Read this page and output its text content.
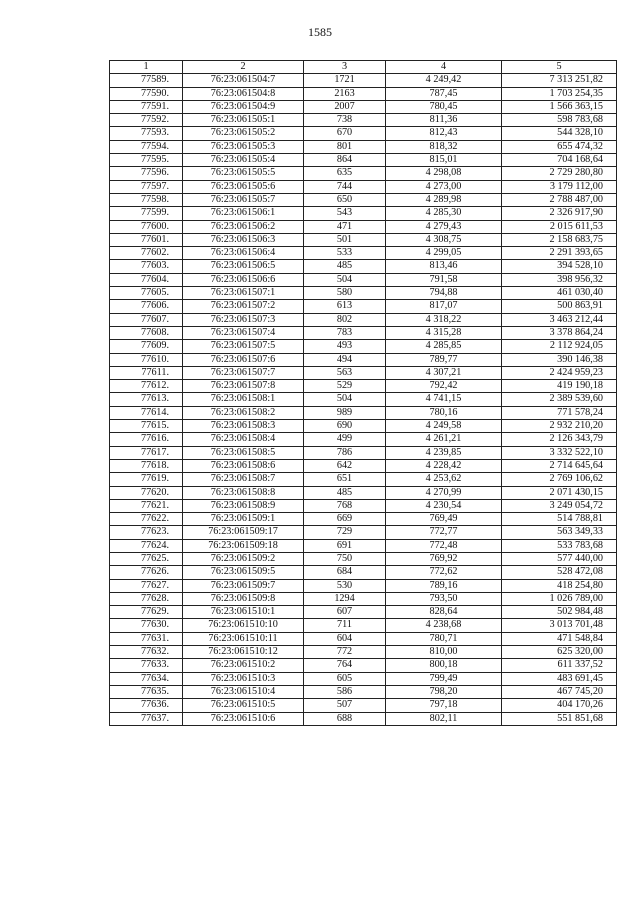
1585
1	2	3	4	5
77589.	76:23:061504:7	1721	4 249,42	7 313 251,82
77590.	76:23:061504:8	2163	787,45	1 703 254,35
77591.	76:23:061504:9	2007	780,45	1 566 363,15
77592.	76:23:061505:1	738	811,36	598 783,68
77593.	76:23:061505:2	670	812,43	544 328,10
77594.	76:23:061505:3	801	818,32	655 474,32
77595.	76:23:061505:4	864	815,01	704 168,64
77596.	76:23:061505:5	635	4 298,08	2 729 280,80
77597.	76:23:061505:6	744	4 273,00	3 179 112,00
77598.	76:23:061505:7	650	4 289,98	2 788 487,00
77599.	76:23:061506:1	543	4 285,30	2 326 917,90
77600.	76:23:061506:2	471	4 279,43	2 015 611,53
77601.	76:23:061506:3	501	4 308,75	2 158 683,75
77602.	76:23:061506:4	533	4 299,05	2 291 393,65
77603.	76:23:061506:5	485	813,46	394 528,10
77604.	76:23:061506:6	504	791,58	398 956,32
77605.	76:23:061507:1	580	794,88	461 030,40
77606.	76:23:061507:2	613	817,07	500 863,91
77607.	76:23:061507:3	802	4 318,22	3 463 212,44
77608.	76:23:061507:4	783	4 315,28	3 378 864,24
77609.	76:23:061507:5	493	4 285,85	2 112 924,05
77610.	76:23:061507:6	494	789,77	390 146,38
77611.	76:23:061507:7	563	4 307,21	2 424 959,23
77612.	76:23:061507:8	529	792,42	419 190,18
77613.	76:23:061508:1	504	4 741,15	2 389 539,60
77614.	76:23:061508:2	989	780,16	771 578,24
77615.	76:23:061508:3	690	4 249,58	2 932 210,20
77616.	76:23:061508:4	499	4 261,21	2 126 343,79
77617.	76:23:061508:5	786	4 239,85	3 332 522,10
77618.	76:23:061508:6	642	4 228,42	2 714 645,64
77619.	76:23:061508:7	651	4 253,62	2 769 106,62
77620.	76:23:061508:8	485	4 270,99	2 071 430,15
77621.	76:23:061508:9	768	4 230,54	3 249 054,72
77622.	76:23:061509:1	669	769,49	514 788,81
77623.	76:23:061509:17	729	772,77	563 349,33
77624.	76:23:061509:18	691	772,48	533 783,68
77625.	76:23:061509:2	750	769,92	577 440,00
77626.	76:23:061509:5	684	772,62	528 472,08
77627.	76:23:061509:7	530	789,16	418 254,80
77628.	76:23:061509:8	1294	793,50	1 026 789,00
77629.	76:23:061510:1	607	828,64	502 984,48
77630.	76:23:061510:10	711	4 238,68	3 013 701,48
77631.	76:23:061510:11	604	780,71	471 548,84
77632.	76:23:061510:12	772	810,00	625 320,00
77633.	76:23:061510:2	764	800,18	611 337,52
77634.	76:23:061510:3	605	799,49	483 691,45
77635.	76:23:061510:4	586	798,20	467 745,20
77636.	76:23:061510:5	507	797,18	404 170,26
77637.	76:23:061510:6	688	802,11	551 851,68
